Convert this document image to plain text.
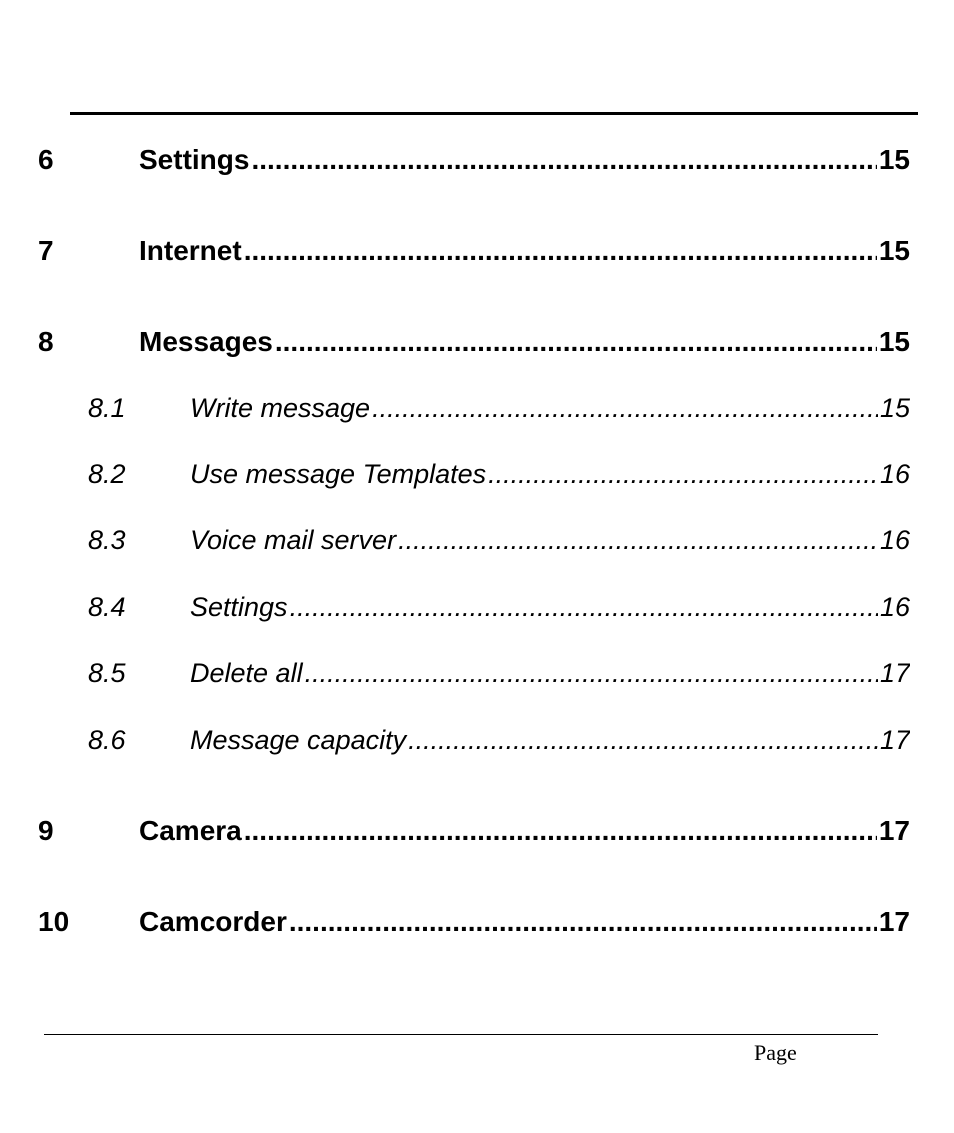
6	Settings .....	15
7	Internet .....	15
8	Messages .....	15
8.1	Write message .....	15
8.2	Use message Templates .....	16
8.3	Voice mail server .....	16
8.4	Settings .....	16
8.5	Delete all .....	17
8.6	Message capacity .....	17
9	Camera .....	17
10	Camcorder .....	17
Page
